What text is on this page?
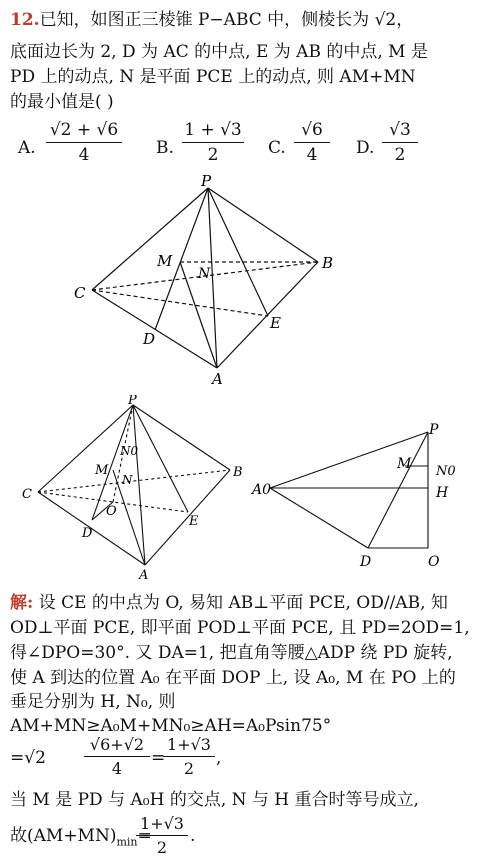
12.已知，如图正三棱锥 P−ABC 中，侧棱长为 √2，
底面边长为 2, D 为 AC 的中点, E 为 AB 的中点, M 是
PD 上的动点, N 是平面 PCE 上的动点, 则 AM+MN
的最小值是( )
A.
√2 + √6
4	B.
1 + √3
2	C.
√6
4	D.
√3
2
P
M
N
B
C
E
D
A
P
N0
M
N	B
C
O
E
D
A
P
M N0
A0	H
D	O
解: 设 CE 的中点为 O, 易知 AB⊥平面 PCE, OD//AB, 知
OD⊥平面 PCE, 即平面 POD⊥平面 PCE, 且 PD=2OD=1,
得∠DPO=30°. 又 DA=1, 把直角等腰△ADP 绕 PD 旋转,
使 A 到达的位置 A₀ 在平面 DOP 上, 设 A₀, M 在 PO 上的
垂足分别为 H, N₀, 则
AM+MN≥A₀M+MN₀≥AH=A₀Psin75°
=√2
√6+√2
4
=
1+√3
2
,
当 M 是 PD 与 A₀H 的交点, N 与 H 重合时等号成立,
故$(AM+MN)_{min}=$
1+√3
2
.
